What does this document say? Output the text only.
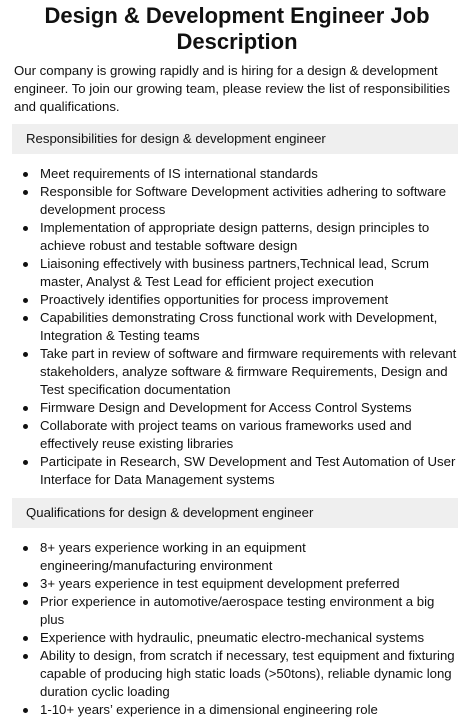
Design & Development Engineer Job Description
Our company is growing rapidly and is hiring for a design & development engineer. To join our growing team, please review the list of responsibilities and qualifications.
Responsibilities for design & development engineer
Meet requirements of IS international standards
Responsible for Software Development activities adhering to software development process
Implementation of appropriate design patterns, design principles to achieve robust and testable software design
Liaisoning effectively with business partners,Technical lead, Scrum master, Analyst & Test Lead for efficient project execution
Proactively identifies opportunities for process improvement
Capabilities demonstrating Cross functional work with Development, Integration & Testing teams
Take part in review of software and firmware requirements with relevant stakeholders, analyze software & firmware Requirements, Design and Test specification documentation
Firmware Design and Development for Access Control Systems
Collaborate with project teams on various frameworks used and effectively reuse existing libraries
Participate in Research, SW Development and Test Automation of User Interface for Data Management systems
Qualifications for design & development engineer
8+ years experience working in an equipment engineering/manufacturing environment
3+ years experience in test equipment development preferred
Prior experience in automotive/aerospace testing environment a big plus
Experience with hydraulic, pneumatic electro-mechanical systems
Ability to design, from scratch if necessary, test equipment and fixturing capable of producing high static loads (>50tons), reliable dynamic long duration cyclic loading
1-10+ years’ experience in a dimensional engineering role
